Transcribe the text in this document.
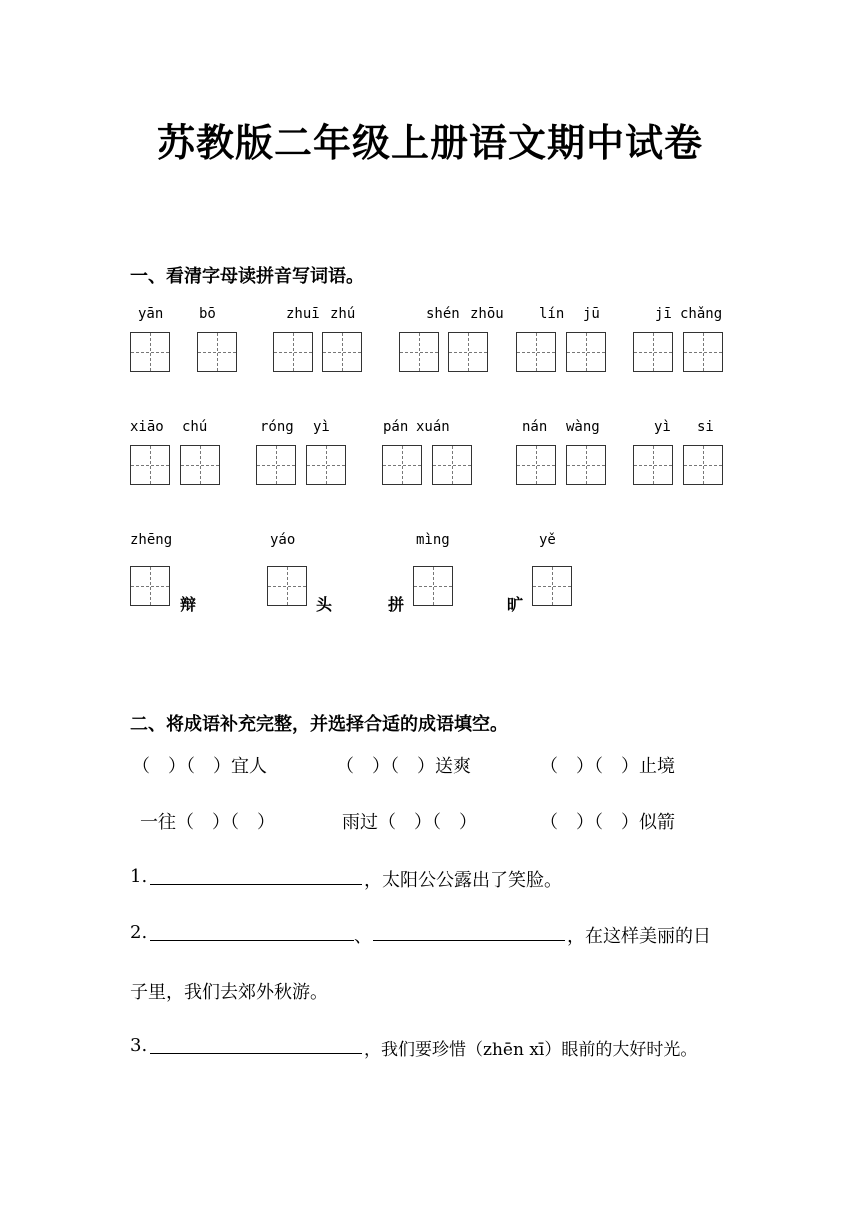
苏教版二年级上册语文期中试卷
一、看清字母读拼音写词语。
yān	bō	zhuī zhú	shén zhōu	lín jū	jī chǎng
xiāo chú	róng yì	pán xuán	nán wàng	yì si
zhēng	yáo	mìng	yě
辩	头	拼	旷
二、将成语补充完整，并选择合适的成语填空。
（　）（　）宜人	（　）（　）送爽	（　）（　）止境
一往（　）（　）	雨过（　）（　）	（　）（　）似箭
1.	，太阳公公露出了笑脸。
2.	、	，在这样美丽的日
子里，我们去郊外秋游。
3.	，我们要珍惜（zhēn xī）眼前的大好时光。
